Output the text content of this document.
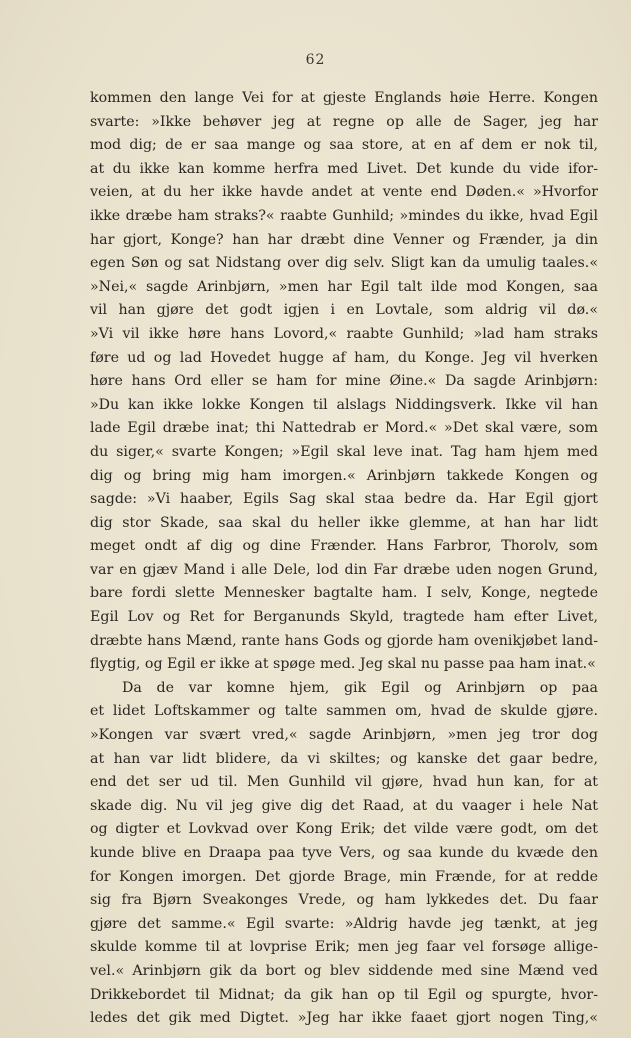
62
kommen den lange Vei for at gjeste Englands høie Herre. Kongen
svarte: »Ikke behøver jeg at regne op alle de Sager, jeg har
mod dig; de er saa mange og saa store, at en af dem er nok til,
at du ikke kan komme herfra med Livet. Det kunde du vide ifor-
veien, at du her ikke havde andet at vente end Døden.« »Hvorfor
ikke dræbe ham straks?« raabte Gunhild; »mindes du ikke, hvad Egil
har gjort, Konge? han har dræbt dine Venner og Frænder, ja din
egen Søn og sat Nidstang over dig selv. Sligt kan da umulig taales.«
»Nei,« sagde Arinbjørn, »men har Egil talt ilde mod Kongen, saa
vil han gjøre det godt igjen i en Lovtale, som aldrig vil dø.«
»Vi vil ikke høre hans Lovord,« raabte Gunhild; »lad ham straks
føre ud og lad Hovedet hugge af ham, du Konge. Jeg vil hverken
høre hans Ord eller se ham for mine Øine.« Da sagde Arinbjørn:
»Du kan ikke lokke Kongen til alslags Niddingsverk. Ikke vil han
lade Egil dræbe inat; thi Nattedrab er Mord.« »Det skal være, som
du siger,« svarte Kongen; »Egil skal leve inat. Tag ham hjem med
dig og bring mig ham imorgen.« Arinbjørn takkede Kongen og
sagde: »Vi haaber, Egils Sag skal staa bedre da. Har Egil gjort
dig stor Skade, saa skal du heller ikke glemme, at han har lidt
meget ondt af dig og dine Frænder. Hans Farbror, Thorolv, som
var en gjæv Mand i alle Dele, lod din Far dræbe uden nogen Grund,
bare fordi slette Mennesker bagtalte ham. I selv, Konge, negtede
Egil Lov og Ret for Berganunds Skyld, tragtede ham efter Livet,
dræbte hans Mænd, rante hans Gods og gjorde ham ovenikjøbet land-
flygtig, og Egil er ikke at spøge med. Jeg skal nu passe paa ham inat.«
Da de var komne hjem, gik Egil og Arinbjørn op paa
et lidet Loftskammer og talte sammen om, hvad de skulde gjøre.
»Kongen var svært vred,« sagde Arinbjørn, »men jeg tror dog
at han var lidt blidere, da vi skiltes; og kanske det gaar bedre,
end det ser ud til. Men Gunhild vil gjøre, hvad hun kan, for at
skade dig. Nu vil jeg give dig det Raad, at du vaager i hele Nat
og digter et Lovkvad over Kong Erik; det vilde være godt, om det
kunde blive en Draapa paa tyve Vers, og saa kunde du kvæde den
for Kongen imorgen. Det gjorde Brage, min Frænde, for at redde
sig fra Bjørn Sveakonges Vrede, og ham lykkedes det. Du faar
gjøre det samme.« Egil svarte: »Aldrig havde jeg tænkt, at jeg
skulde komme til at lovprise Erik; men jeg faar vel forsøge allige-
vel.« Arinbjørn gik da bort og blev siddende med sine Mænd ved
Drikkebordet til Midnat; da gik han op til Egil og spurgte, hvor-
ledes det gik med Digtet. »Jeg har ikke faaet gjort nogen Ting,«
